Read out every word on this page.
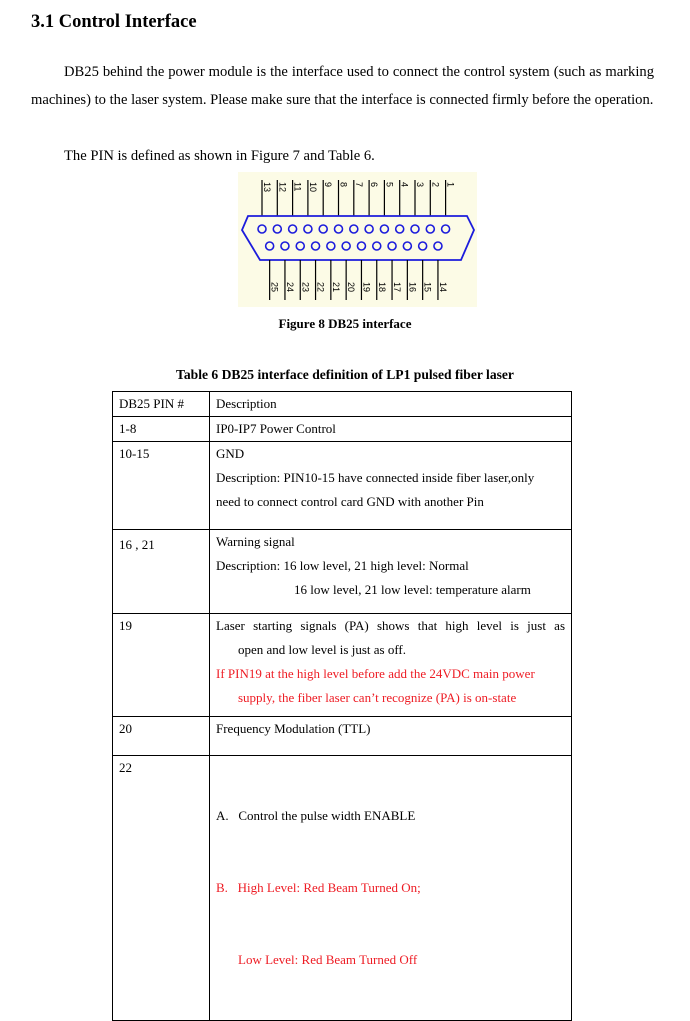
3.1 Control Interface
DB25 behind the power module is the interface used to connect the control system (such as marking machines) to the laser system. Please make sure that the interface is connected firmly before the operation.
The PIN is defined as shown in Figure 7 and Table 6.
13 12 11 10 9 8 7 6 5 4 3 2 1
25 24 23 22 21 20 19 18 17 16 15 14
Figure 8 DB25 interface
Table 6 DB25 interface definition of LP1 pulsed fiber laser
DB25 PIN #	Description
1-8	IP0-IP7 Power Control

10-15	GND
Description: PIN10-15 have connected inside fiber laser,only
need to connect control card GND with another Pin

16 , 21	Warning signal
Description: 16 low level, 21 high level: Normal
16 low level, 21 low level: temperature alarm

19	Laser starting signals (PA) shows that high level is just as
open and low level is just as off.
If PIN19 at the high level before add the 24VDC main power
supply, the fiber laser can’t recognize (PA) is on-state

20	Frequency Modulation (TTL)

22	A.   Control the pulse width ENABLE

B.   High Level: Red Beam Turned On;

Low Level: Red Beam Turned Off
